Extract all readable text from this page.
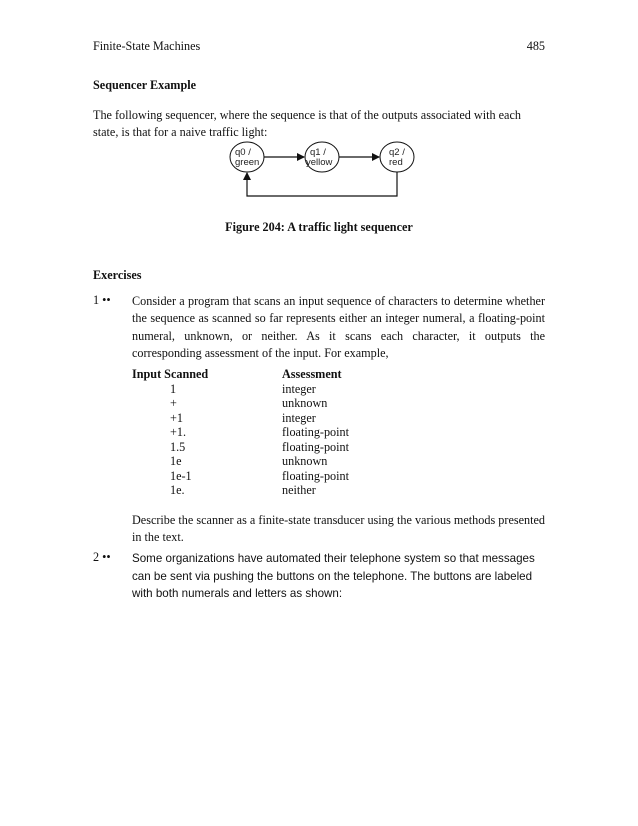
Finite-State Machines	485
Sequencer Example
The following sequencer, where the sequence is that of the outputs associated with each state, is that for a naive traffic light:
q0 /
green
q1 /
yellow
q2 /
red
Figure 204: A traffic light sequencer
Exercises
1 •• Consider a program that scans an input sequence of characters to determine whether the sequence as scanned so far represents either an integer numeral, a floating-point numeral, unknown, or neither. As it scans each character, it outputs the corresponding assessment of the input. For example,
Input Scanned	Assessment
1	integer
+	unknown
+1	integer
+1.	floating-point
1.5	floating-point
1e	unknown
1e-1	floating-point
1e.	neither
Describe the scanner as a finite-state transducer using the various methods presented in the text.
2 •• Some organizations have automated their telephone system so that messages can be sent via pushing the buttons on the telephone. The buttons are labeled with both numerals and letters as shown:
